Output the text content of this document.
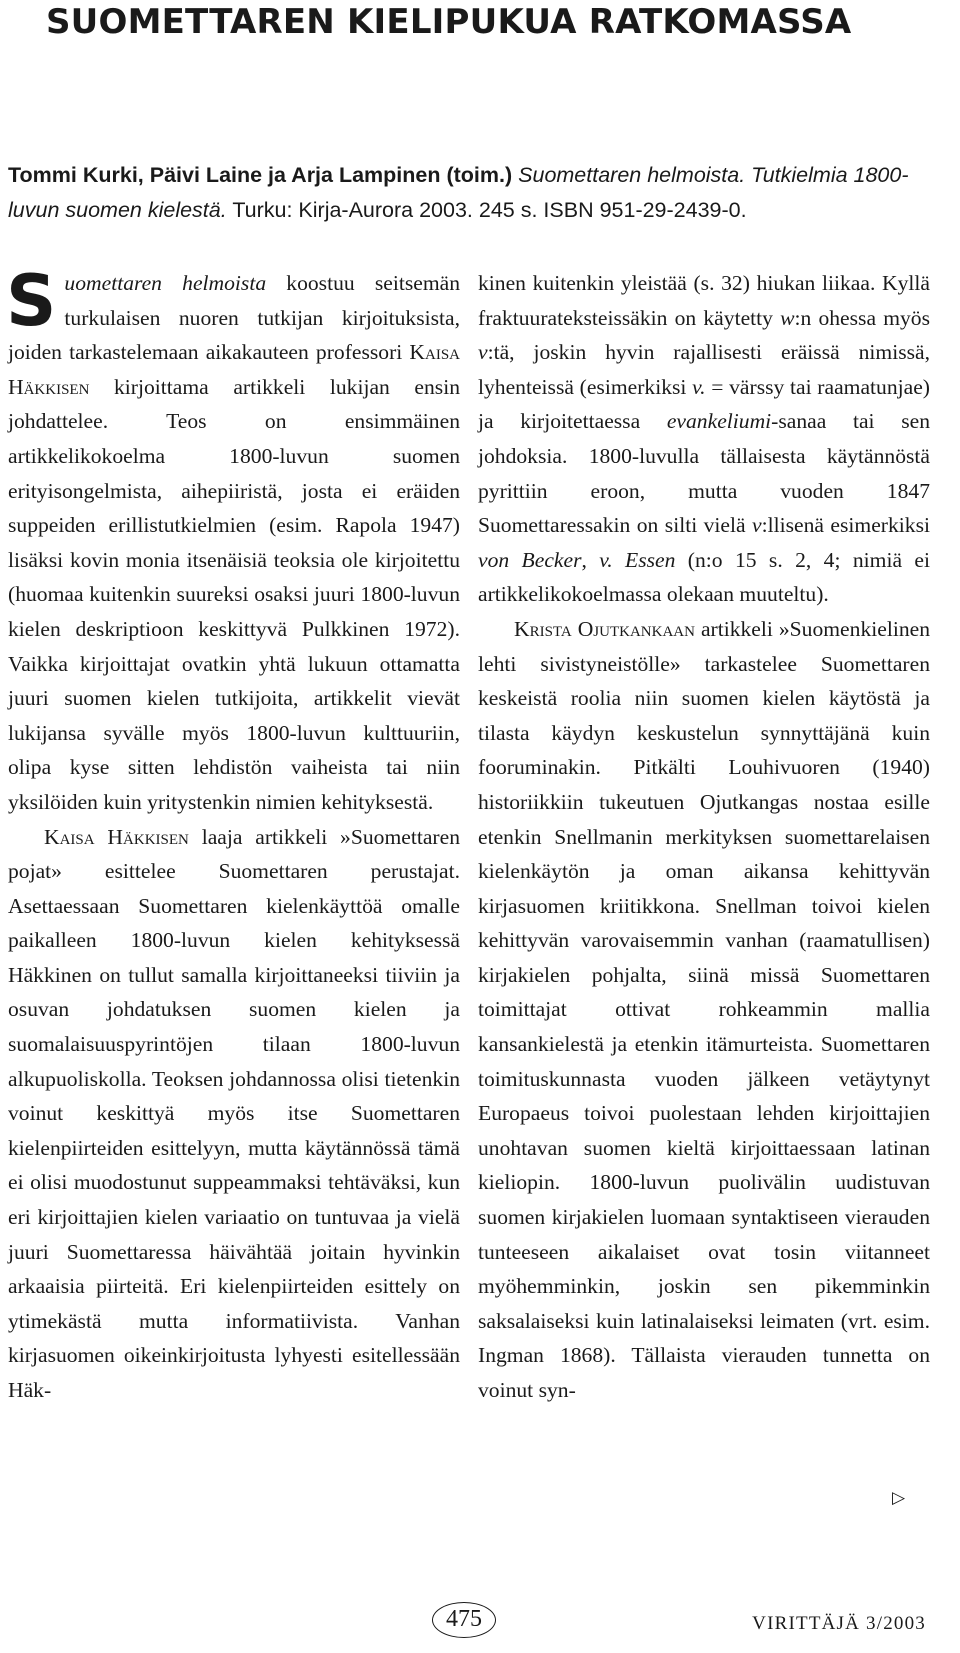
SUOMETTAREN KIELIPUKUA RATKOMASSA

Tommi Kurki, Päivi Laine ja Arja Lampinen (toim.) Suomettaren helmoista. Tutkielmia 1800-luvun suomen kielestä. Turku: Kirja-Aurora 2003. 245 s. ISBN 951-29-2439-0.

Suomettaren helmoista koostuu seitsemän turkulaisen nuoren tutkijan kirjoituksista, joiden tarkastelemaan aikakauteen professori Kaisa Häkkisen kirjoittama artikkeli lukijan ensin johdattelee. Teos on ensimmäinen artikkelikokoelma 1800-luvun suomen erityisongelmista, aihepiiristä, josta ei eräiden suppeiden erillistutkielmien (esim. Rapola 1947) lisäksi kovin monia itsenäisiä teoksia ole kirjoitettu (huomaa kuitenkin suureksi osaksi juuri 1800-luvun kielen deskriptioon keskittyvä Pulkkinen 1972). Vaikka kirjoittajat ovatkin yhtä lukuun ottamatta juuri suomen kielen tutkijoita, artikkelit vievät lukijansa syvälle myös 1800-luvun kulttuuriin, olipa kyse sitten lehdistön vaiheista tai niin yksilöiden kuin yritystenkin nimien kehityksestä.

Kaisa Häkkisen laaja artikkeli »Suomettaren pojat» esittelee Suomettaren perustajat. Asettaessaan Suomettaren kielenkäyttöä omalle paikalleen 1800-luvun kielen kehityksessä Häkkinen on tullut samalla kirjoittaneeksi tiiviin ja osuvan johdatuksen suomen kielen ja suomalaisuuspyrintöjen tilaan 1800-luvun alkupuoliskolla. Teoksen johdannossa olisi tietenkin voinut keskittyä myös itse Suomettaren kielenpiirteiden esittelyyn, mutta käytännössä tämä ei olisi muodostunut suppeammaksi tehtäväksi, kun eri kirjoittajien kielen variaatio on tuntuvaa ja vielä juuri Suomettaressa häivähtää joitain hyvinkin arkaaisia piirteitä. Eri kielenpiirteiden esittely on ytimekästä mutta informatiivista. Vanhan kirjasuomen oikeinkirjoitusta lyhyesti esitellessään Häk-

kinen kuitenkin yleistää (s. 32) hiukan liikaa. Kyllä fraktuurateksteissäkin on käytetty w:n ohessa myös v:tä, joskin hyvin rajallisesti eräissä nimissä, lyhenteissä (esimerkiksi v. = värssy tai raamatunjae) ja kirjoitettaessa evankeliumi-sanaa tai sen johdoksia. 1800-luvulla tällaisesta käytännöstä pyrittiin eroon, mutta vuoden 1847 Suomettaressakin on silti vielä v:llisenä esimerkiksi von Becker, v. Essen (n:o 15 s. 2, 4; nimiä ei artikkelikokoelmassa olekaan muuteltu).

Krista Ojutkankaan artikkeli »Suomenkielinen lehti sivistyneistölle» tarkastelee Suomettaren keskeistä roolia niin suomen kielen käytöstä ja tilasta käydyn keskustelun synnyttäjänä kuin fooruminakin. Pitkälti Louhivuoren (1940) historiikkiin tukeutuen Ojutkangas nostaa esille etenkin Snellmanin merkityksen suomettarelaisen kielenkäytön ja oman aikansa kehittyvän kirjasuomen kriitikkona. Snellman toivoi kielen kehittyvän varovaisemmin vanhan (raamatullisen) kirjakielen pohjalta, siinä missä Suomettaren toimittajat ottivat rohkeammin mallia kansankielestä ja etenkin itämurteista. Suomettaren toimituskunnasta vuoden jälkeen vetäytynyt Europaeus toivoi puolestaan lehden kirjoittajien unohtavan suomen kieltä kirjoittaessaan latinan kieliopin. 1800-luvun puolivälin uudistuvan suomen kirjakielen luomaan syntaktiseen vierauden tunteeseen aikalaiset ovat tosin viitanneet myöhemminkin, joskin sen pikemminkin saksalaiseksi kuin latinalaiseksi leimaten (vrt. esim. Ingman 1868). Tällaista vierauden tunnetta on voinut syn-

▷
475	VIRITTÄJÄ 3/2003
